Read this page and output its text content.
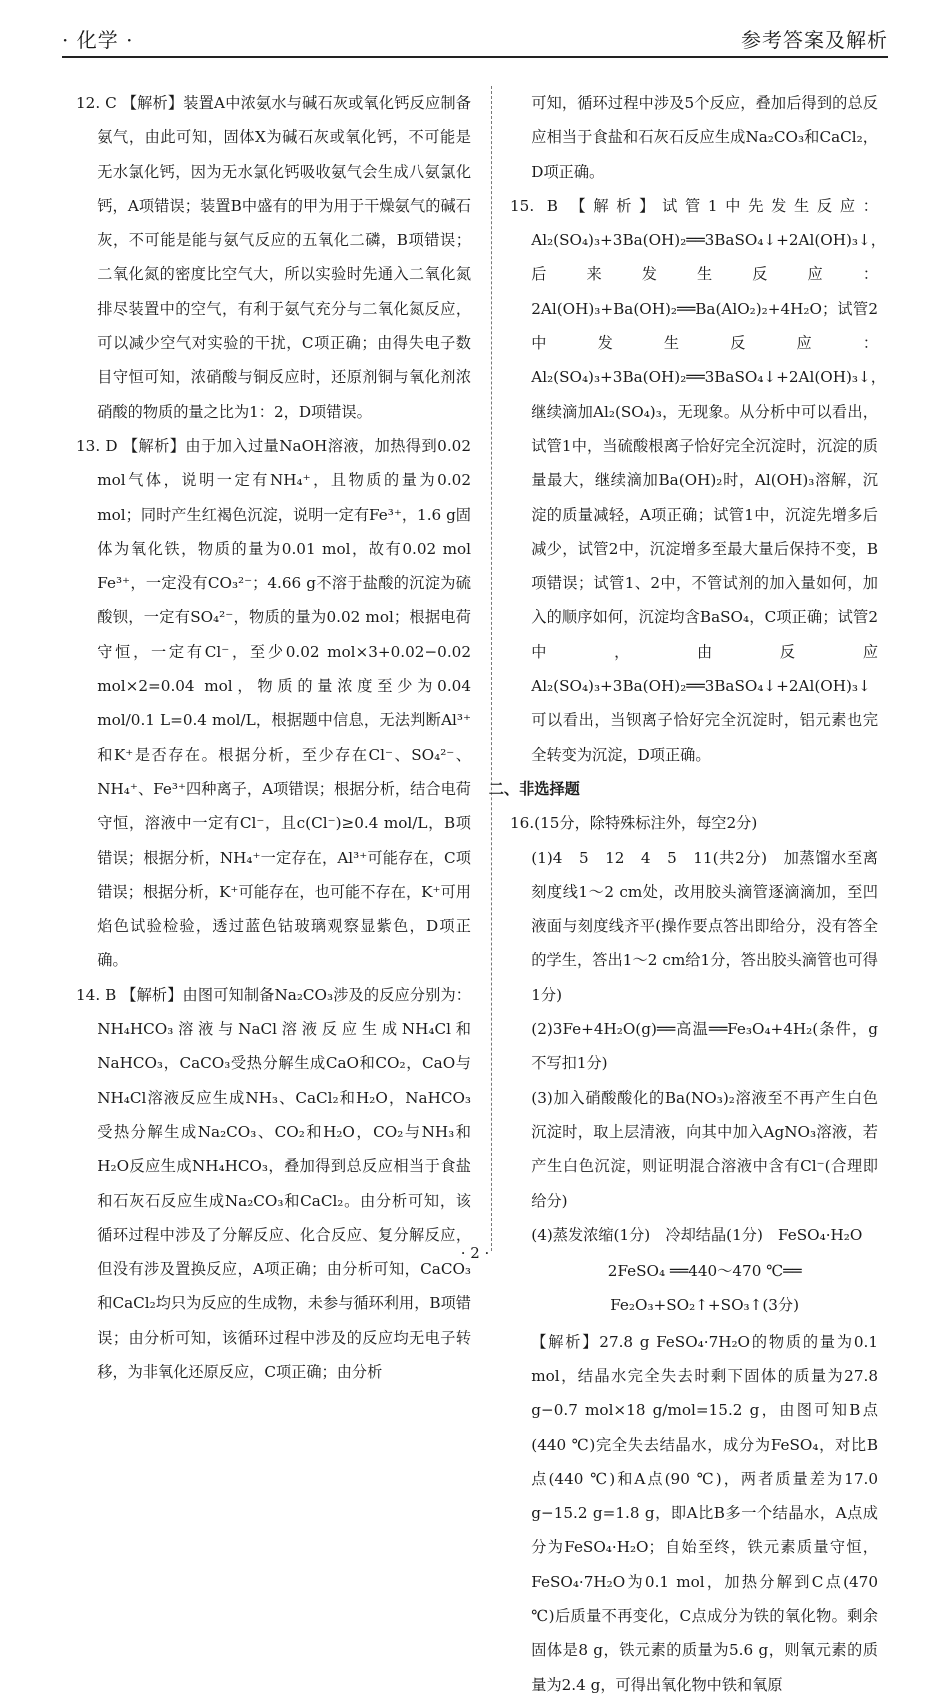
· 化学 ·	参考答案及解析

12. C 【解析】装置A中浓氨水与碱石灰或氧化钙反应制备氨气，由此可知，固体X为碱石灰或氧化钙，不可能是无水氯化钙，因为无水氯化钙吸收氨气会生成八氨氯化钙，A项错误；装置B中盛有的甲为用于干燥氨气的碱石灰，不可能是能与氨气反应的五氧化二磷，B项错误；二氧化氮的密度比空气大，所以实验时先通入二氧化氮排尽装置中的空气，有利于氨气充分与二氧化氮反应，可以减少空气对实验的干扰，C项正确；由得失电子数目守恒可知，浓硝酸与铜反应时，还原剂铜与氧化剂浓硝酸的物质的量之比为1：2，D项错误。

13. D 【解析】由于加入过量NaOH溶液，加热得到0.02 mol气体，说明一定有NH₄⁺，且物质的量为0.02 mol；同时产生红褐色沉淀，说明一定有Fe³⁺，1.6 g固体为氧化铁，物质的量为0.01 mol，故有0.02 mol Fe³⁺，一定没有CO₃²⁻；4.66 g不溶于盐酸的沉淀为硫酸钡，一定有SO₄²⁻，物质的量为0.02 mol；根据电荷守恒，一定有Cl⁻，至少0.02 mol×3+0.02−0.02 mol×2=0.04 mol，物质的量浓度至少为0.04 mol/0.1 L=0.4 mol/L，根据题中信息，无法判断Al³⁺和K⁺是否存在。根据分析，至少存在Cl⁻、SO₄²⁻、NH₄⁺、Fe³⁺四种离子，A项错误；根据分析，结合电荷守恒，溶液中一定有Cl⁻，且c(Cl⁻)≥0.4 mol/L，B项错误；根据分析，NH₄⁺一定存在，Al³⁺可能存在，C项错误；根据分析，K⁺可能存在，也可能不存在，K⁺可用焰色试验检验，透过蓝色钴玻璃观察显紫色，D项正确。

14. B 【解析】由图可知制备Na₂CO₃涉及的反应分别为：NH₄HCO₃溶液与NaCl溶液反应生成NH₄Cl和NaHCO₃，CaCO₃受热分解生成CaO和CO₂，CaO与NH₄Cl溶液反应生成NH₃、CaCl₂和H₂O，NaHCO₃受热分解生成Na₂CO₃、CO₂和H₂O，CO₂与NH₃和H₂O反应生成NH₄HCO₃，叠加得到总反应相当于食盐和石灰石反应生成Na₂CO₃和CaCl₂。由分析可知，该循环过程中涉及了分解反应、化合反应、复分解反应，但没有涉及置换反应，A项正确；由分析可知，CaCO₃和CaCl₂均只为反应的生成物，未参与循环利用，B项错误；由分析可知，该循环过程中涉及的反应均无电子转移，为非氧化还原反应，C项正确；由分析

可知，循环过程中涉及5个反应，叠加后得到的总反应相当于食盐和石灰石反应生成Na₂CO₃和CaCl₂，D项正确。

15. B 【解析】试管1中先发生反应：Al₂(SO₄)₃+3Ba(OH)₂══3BaSO₄↓+2Al(OH)₃↓，后来发生反应：2Al(OH)₃+Ba(OH)₂══Ba(AlO₂)₂+4H₂O；试管2中发生反应：Al₂(SO₄)₃+3Ba(OH)₂══3BaSO₄↓+2Al(OH)₃↓，继续滴加Al₂(SO₄)₃，无现象。从分析中可以看出，试管1中，当硫酸根离子恰好完全沉淀时，沉淀的质量最大，继续滴加Ba(OH)₂时，Al(OH)₃溶解，沉淀的质量减轻，A项正确；试管1中，沉淀先增多后减少，试管2中，沉淀增多至最大量后保持不变，B项错误；试管1、2中，不管试剂的加入量如何，加入的顺序如何，沉淀均含BaSO₄，C项正确；试管2中，由反应Al₂(SO₄)₃+3Ba(OH)₂══3BaSO₄↓+2Al(OH)₃↓可以看出，当钡离子恰好完全沉淀时，铝元素也完全转变为沉淀，D项正确。

二、非选择题

16.(15分，除特殊标注外，每空2分)

(1)4　5　12　4　5　11(共2分)　加蒸馏水至离刻度线1～2 cm处，改用胶头滴管逐滴滴加，至凹液面与刻度线齐平(操作要点答出即给分，没有答全的学生，答出1～2 cm给1分，答出胶头滴管也可得1分)

(2)3Fe+4H₂O(g)══高温══Fe₃O₄+4H₂(条件，g不写扣1分)

(3)加入硝酸酸化的Ba(NO₃)₂溶液至不再产生白色沉淀时，取上层清液，向其中加入AgNO₃溶液，若产生白色沉淀，则证明混合溶液中含有Cl⁻(合理即给分)

(4)蒸发浓缩(1分)　冷却结晶(1分)　FeSO₄·H₂O

2FeSO₄ ══440～470 ℃══ Fe₂O₃+SO₂↑+SO₃↑(3分)

【解析】27.8 g FeSO₄·7H₂O的物质的量为0.1 mol，结晶水完全失去时剩下固体的质量为27.8 g−0.7 mol×18 g/mol=15.2 g，由图可知B点(440 ℃)完全失去结晶水，成分为FeSO₄，对比B点(440 ℃)和A点(90 ℃)，两者质量差为17.0 g−15.2 g=1.8 g，即A比B多一个结晶水，A点成分为FeSO₄·H₂O；自始至终，铁元素质量守恒，FeSO₄·7H₂O为0.1 mol，加热分解到C点(470 ℃)后质量不再变化，C点成分为铁的氧化物。剩余固体是8 g，铁元素的质量为5.6 g，则氧元素的质量为2.4 g，可得出氧化物中铁和氧原

· 2 ·
